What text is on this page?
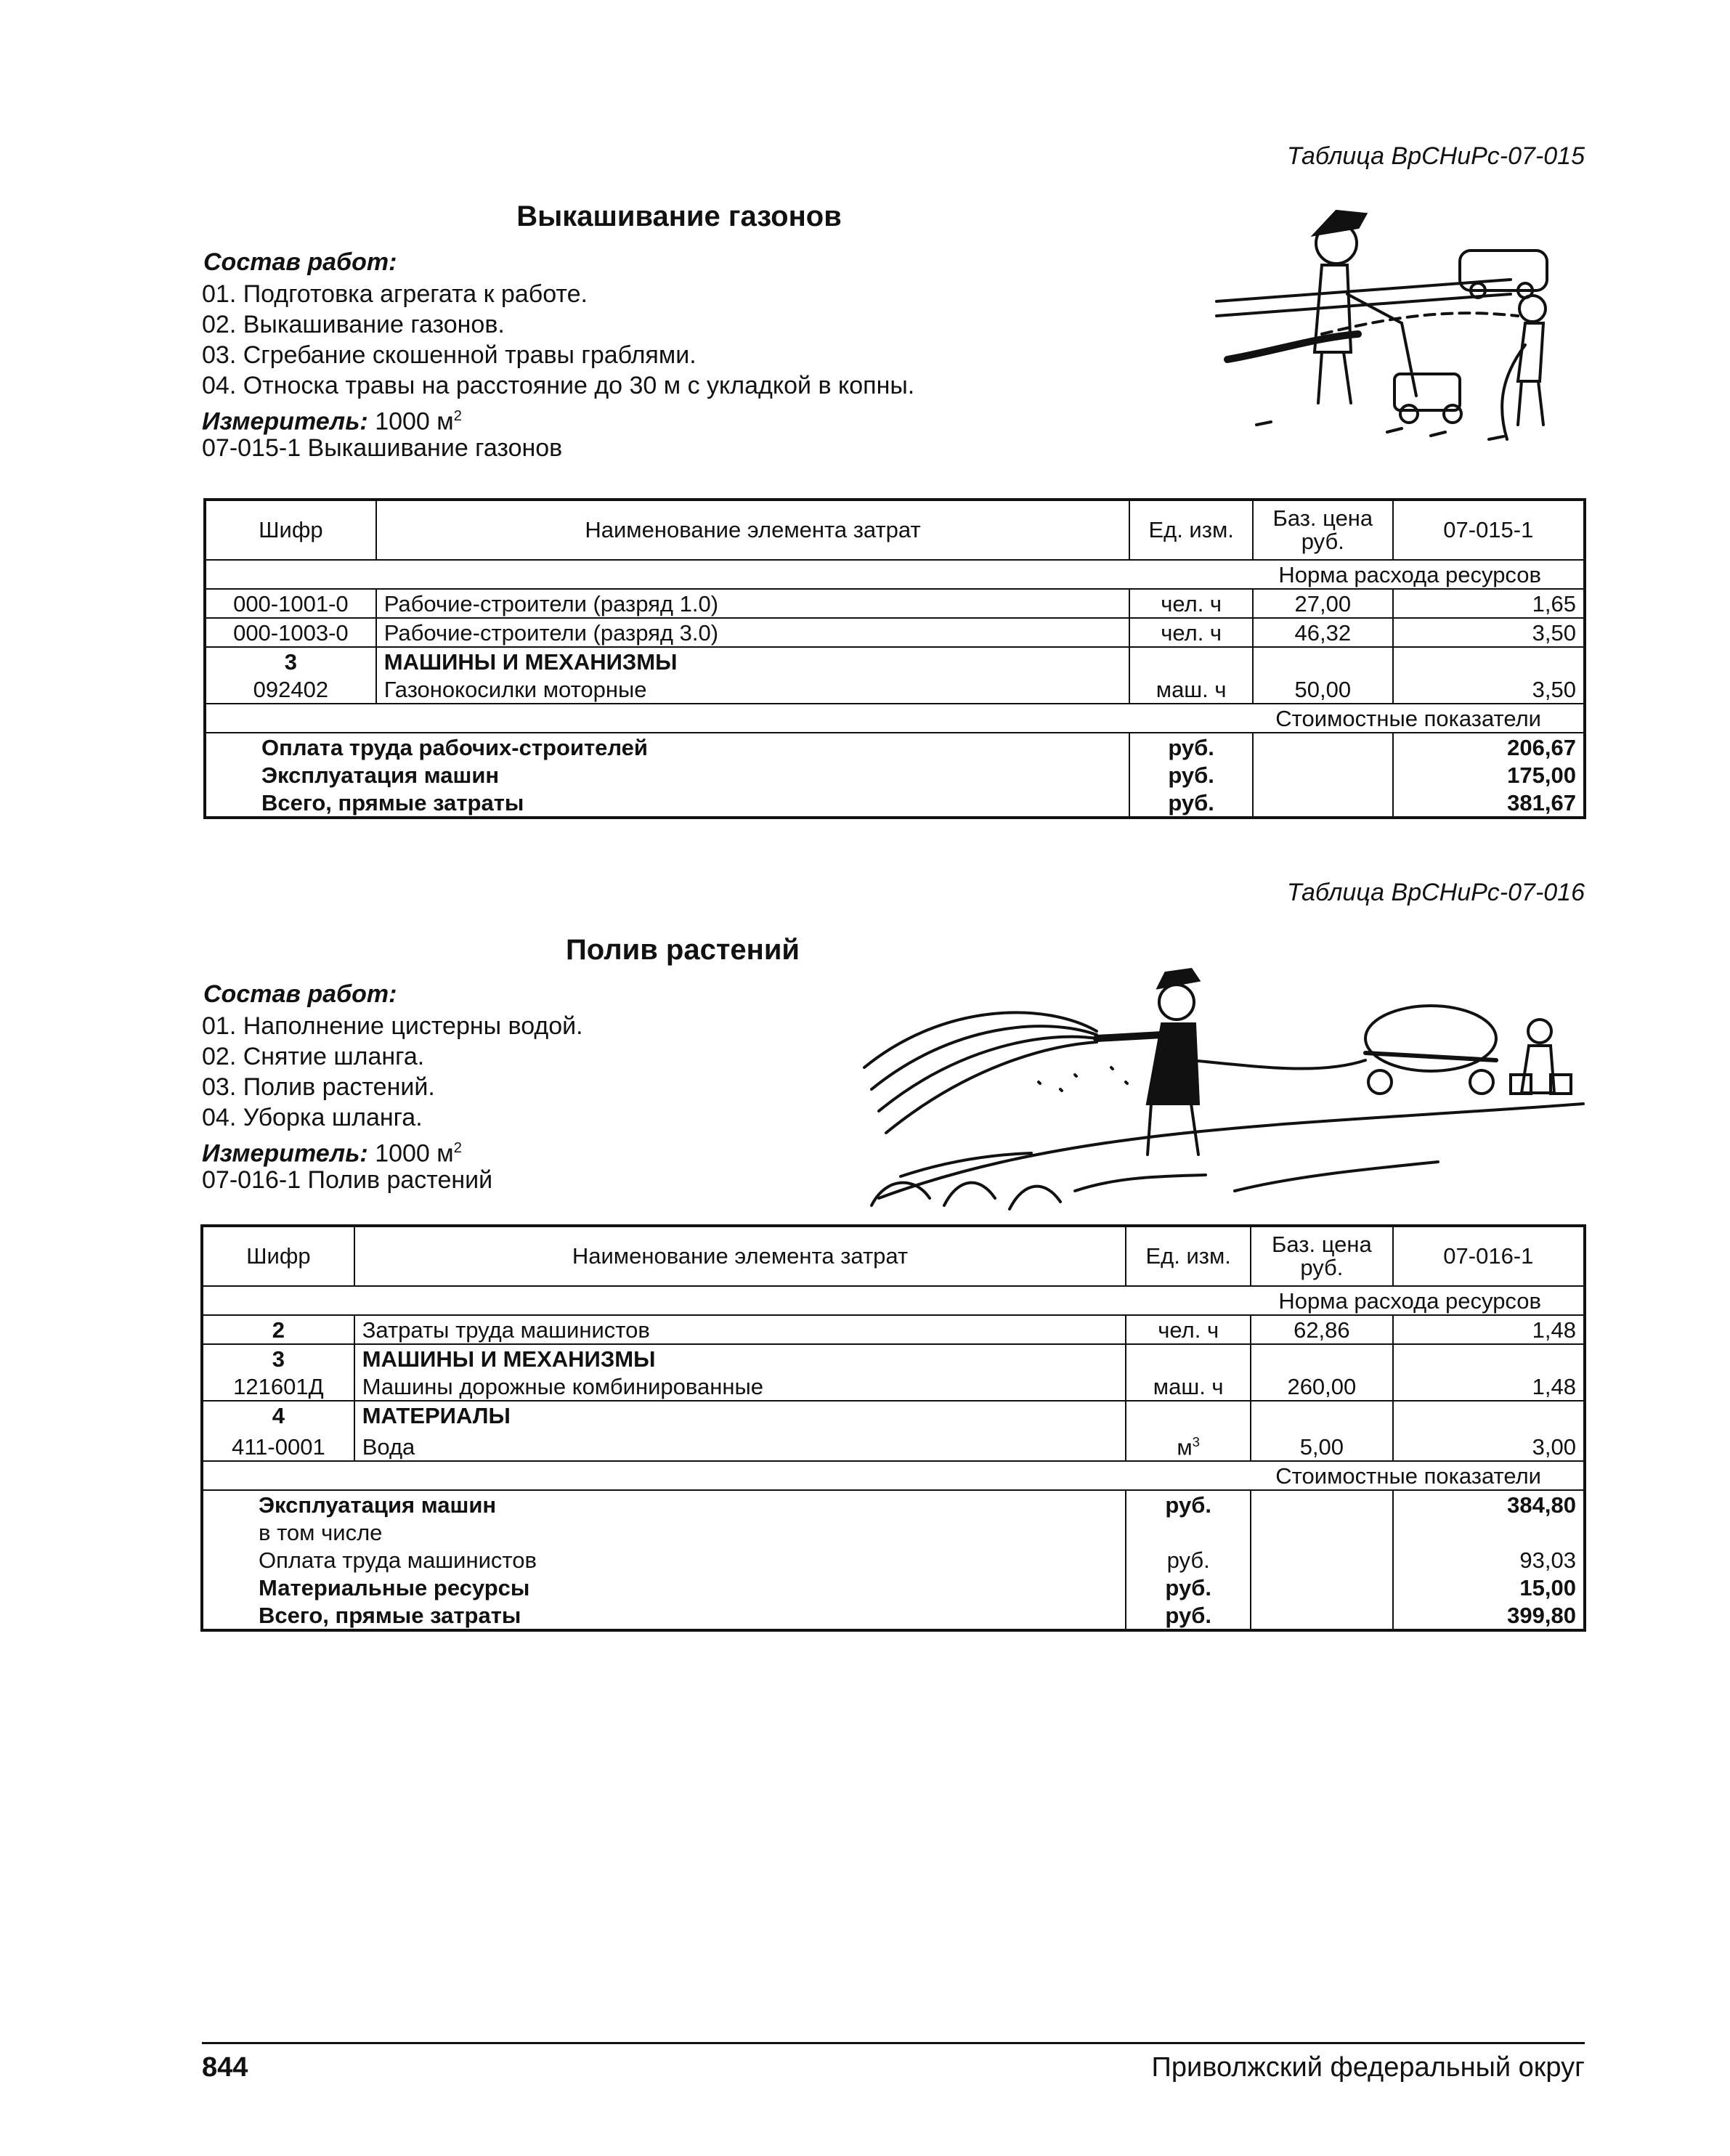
Таблица ВрСНиРс-07-015
Выкашивание газонов
Состав работ:
01. Подготовка агрегата к работе.
02. Выкашивание газонов.
03. Сгребание скошенной травы граблями.
04. Относка травы на расстояние до 30 м с укладкой в копны.
Измеритель: 1000 $м^2$
07-015-1 Выкашивание газонов
Шифр	Наименование элемента затрат	Ед. изм.	Баз. цена руб.	07-015-1
Норма расхода ресурсов				
000-1001-0	Рабочие-строители (разряд 1.0)	чел. ч	27,00	1,65
000-1003-0	Рабочие-строители (разряд 3.0)	чел. ч	46,32	3,50
3	МАШИНЫ И МЕХАНИЗМЫ			
092402	Газонокосилки моторные	маш. ч	50,00	3,50
Стоимостные показатели				
Оплата труда рабочих-строителей		руб.		206,67
Эксплуатация машин		руб.		175,00
Всего, прямые затраты		руб.		381,67
Таблица ВрСНиРс-07-016
Полив растений
Состав работ:
01. Наполнение цистерны водой.
02. Снятие шланга.
03. Полив растений.
04. Уборка шланга.
Измеритель: 1000 $м^2$
07-016-1 Полив растений
Шифр	Наименование элемента затрат	Ед. изм.	Баз. цена руб.	07-016-1
Норма расхода ресурсов				
2	Затраты труда машинистов	чел. ч	62,86	1,48
3	МАШИНЫ И МЕХАНИЗМЫ			
121601Д	Машины дорожные комбинированные	маш. ч	260,00	1,48
4	МАТЕРИАЛЫ			
411-0001	Вода	$м^3$	5,00	3,00
Стоимостные показатели				
Эксплуатация машин		руб.		384,80
в том числе				
Оплата труда машинистов		руб.		93,03
Материальные ресурсы		руб.		15,00
Всего, прямые затраты		руб.		399,80
844	Приволжский федеральный округ
